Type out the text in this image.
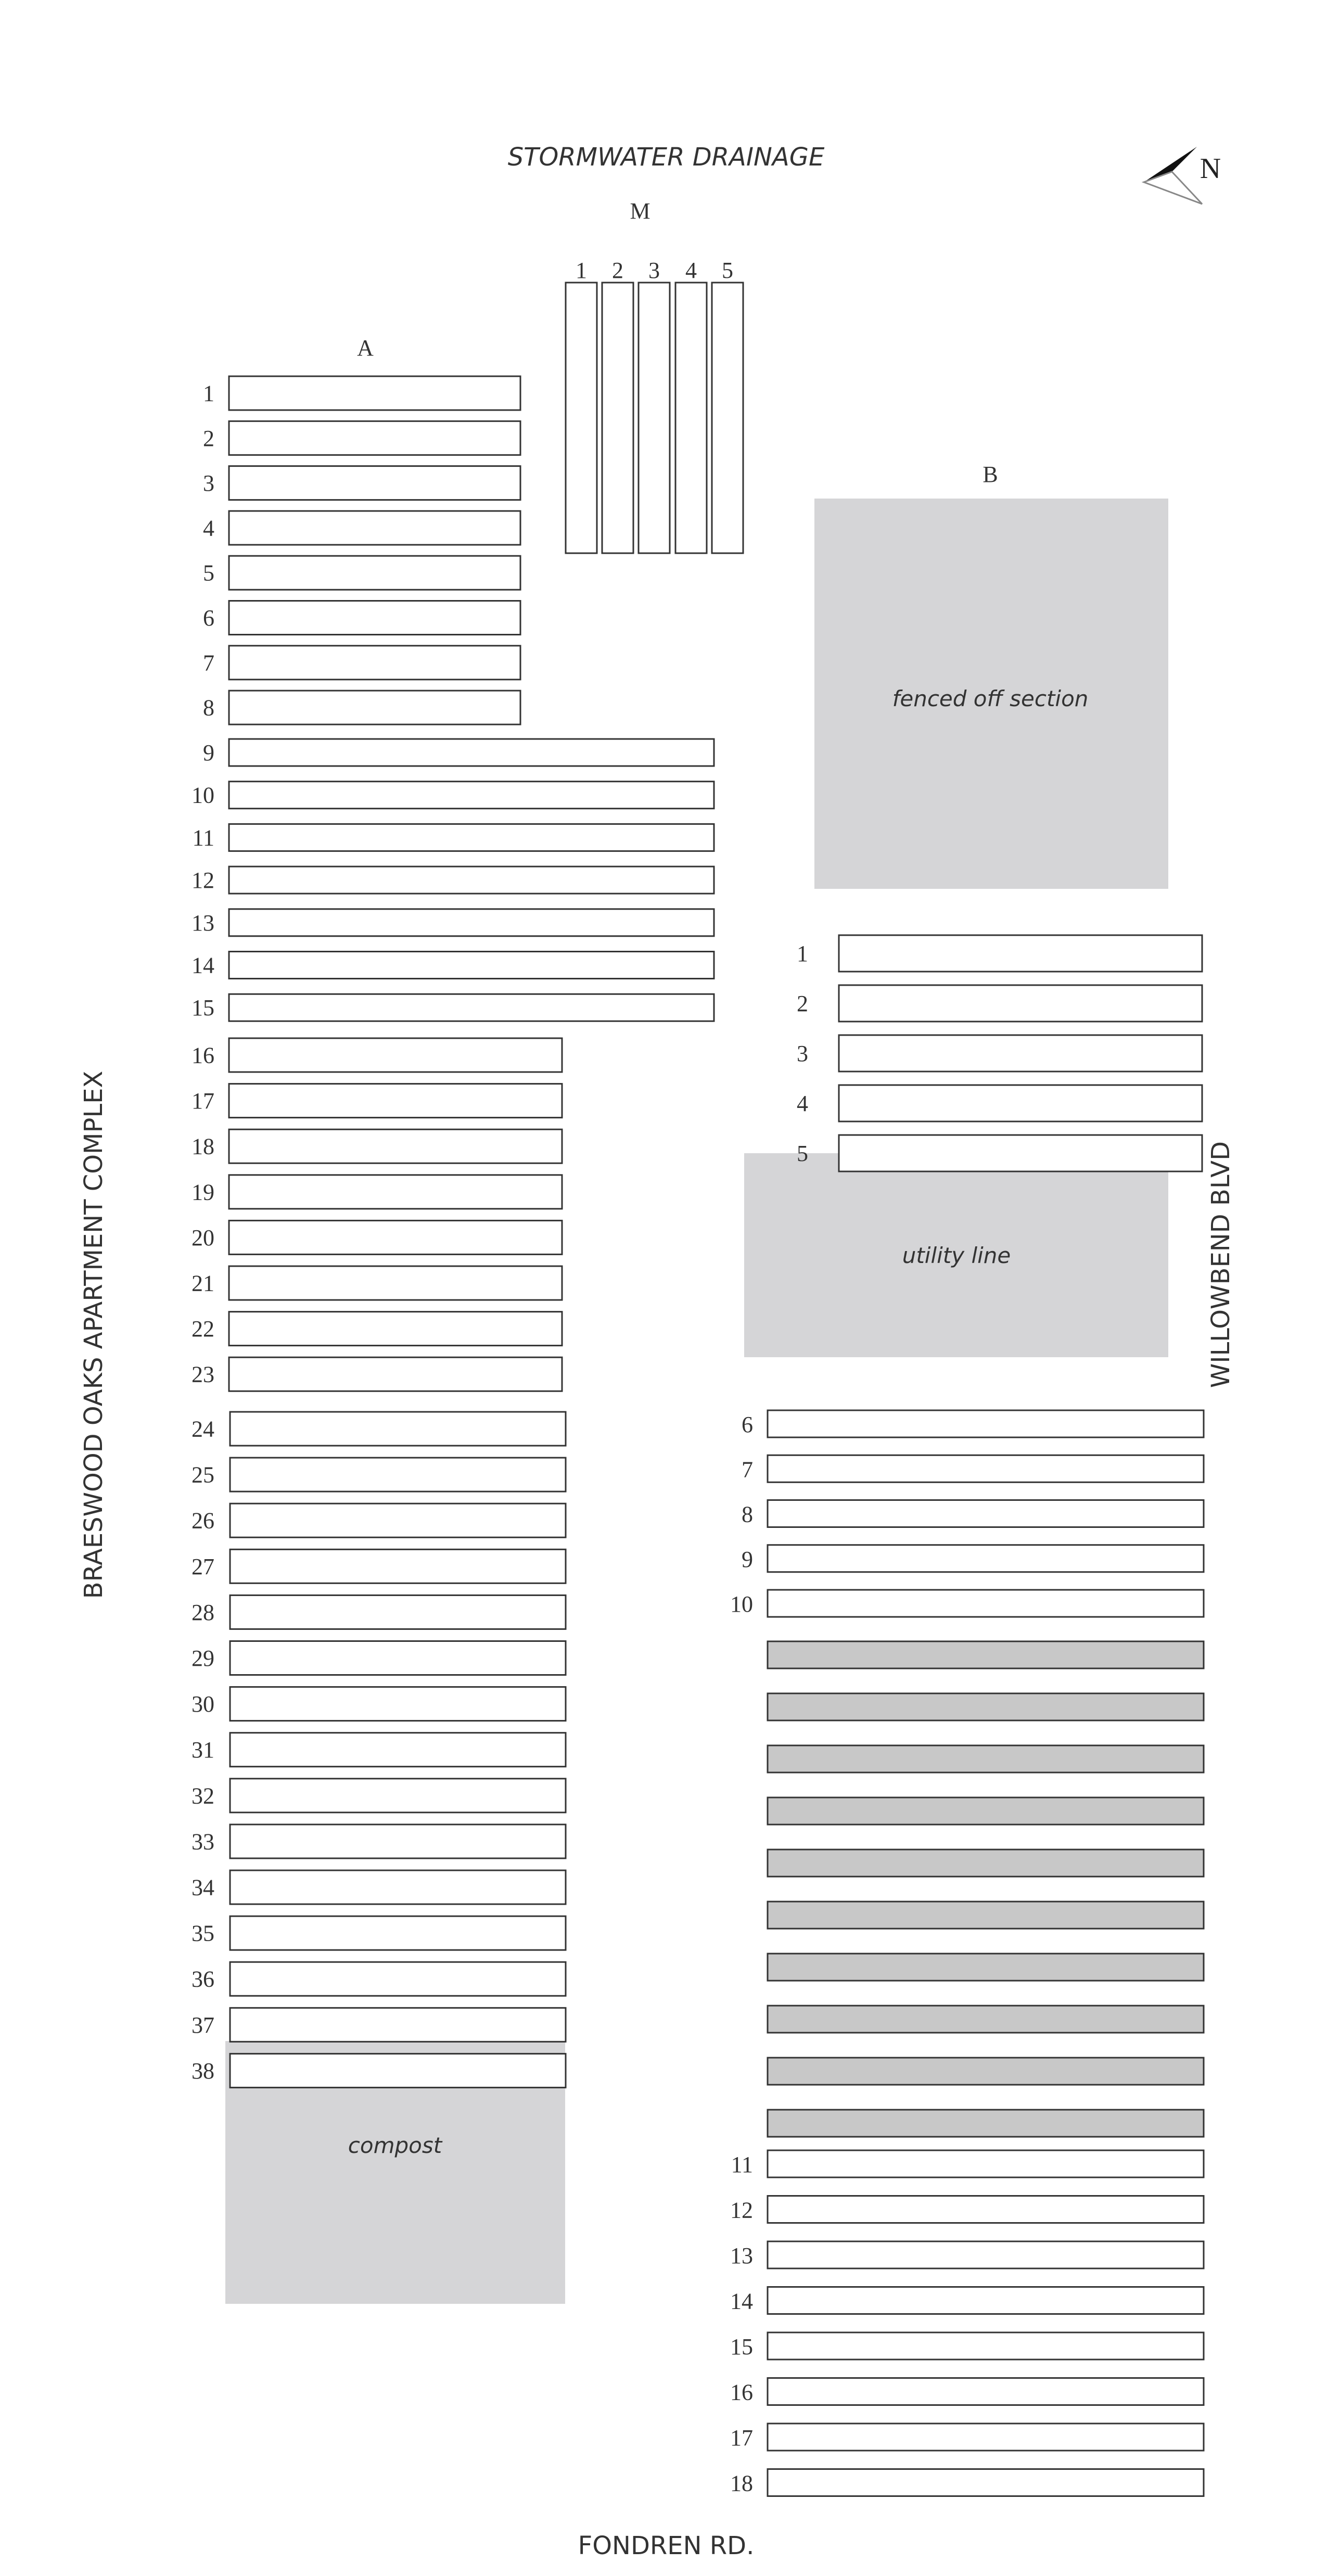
STORMWATER DRAINAGE
FONDREN RD.
BRAESWOOD OAKS APARTMENT COMPLEX	WILLOWBEND BLVD
N
M
A
B
fenced off section
utility line
compost
1 2 3 4 5
1
2
3
4
5
6
7
8
9
10
11
12
13
14
15
16
17
18
19
20
21
22
23
24
25
26
27
28
29
30
31
32
33
34
35
36
37
38
1
2
3
4
5
6
7
8
9
10
11
12
13
14
15
16
17
18
